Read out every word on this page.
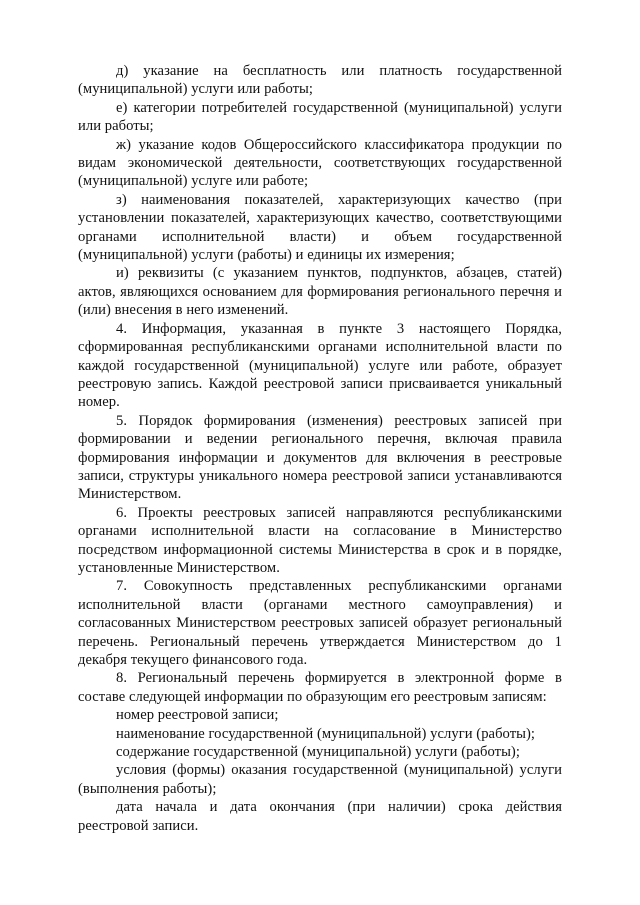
д) указание на бесплатность или платность государственной (муниципальной) услуги или работы;

е) категории потребителей государственной (муниципальной) услуги или работы;

ж) указание кодов Общероссийского классификатора продукции по видам экономической деятельности, соответствующих государственной (муниципальной) услуге или работе;

з) наименования показателей, характеризующих качество (при установлении показателей, характеризующих качество, соответствующими органами исполнительной власти) и объем государственной (муниципальной) услуги (работы) и единицы их измерения;

и) реквизиты (с указанием пунктов, подпунктов, абзацев, статей) актов, являющихся основанием для формирования регионального перечня и (или) внесения в него изменений.

4. Информация, указанная в пункте 3 настоящего Порядка, сформированная республиканскими органами исполнительной власти по каждой государственной (муниципальной) услуге или работе, образует реестровую запись. Каждой реестровой записи присваивается уникальный номер.

5. Порядок формирования (изменения) реестровых записей при формировании и ведении регионального перечня, включая правила формирования информации и документов для включения в реестровые записи, структуры уникального номера реестровой записи устанавливаются Министерством.

6. Проекты реестровых записей направляются республиканскими органами исполнительной власти на согласование в Министерство посредством информационной системы Министерства в срок и в порядке, установленные Министерством.

7. Совокупность представленных республиканскими органами исполнительной власти (органами местного самоуправления) и согласованных Министерством реестровых записей образует региональный перечень. Региональный перечень утверждается Министерством до 1 декабря текущего финансового года.

8. Региональный перечень формируется в электронной форме в составе следующей информации по образующим его реестровым записям:

номер реестровой записи;

наименование государственной (муниципальной) услуги (работы);

содержание государственной (муниципальной) услуги (работы);

условия (формы) оказания государственной (муниципальной) услуги (выполнения работы);

дата начала и дата окончания (при наличии) срока действия реестровой записи.
